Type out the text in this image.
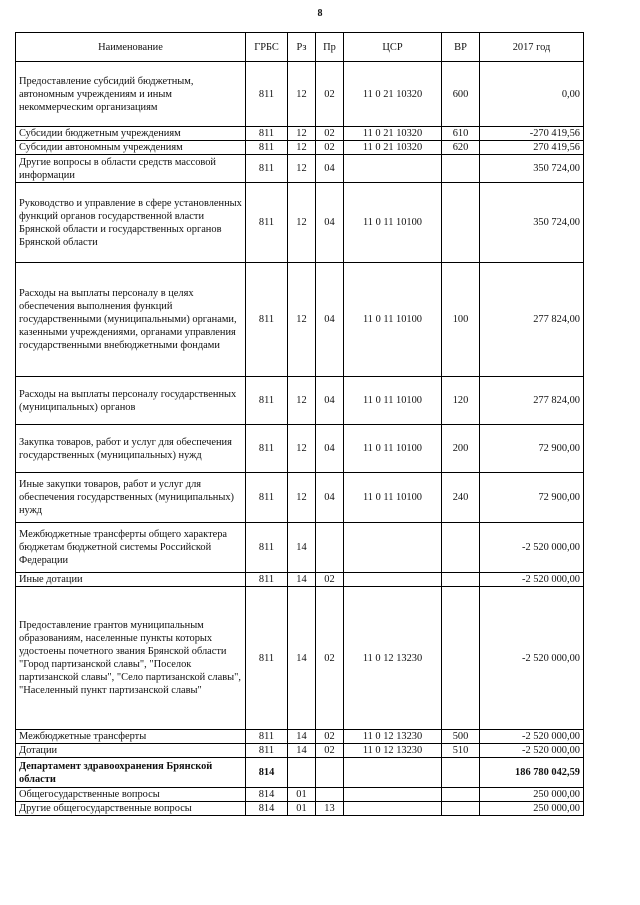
8
Наименование	ГРБС	Рз	Пр	ЦСР	ВР	2017 год
Предоставление субсидий бюджетным, автономным учреждениям и иным некоммерческим организациям	811	12	02	11 0 21 10320	600	0,00
Субсидии бюджетным учреждениям	811	12	02	11 0 21 10320	610	-270 419,56
Субсидии автономным учреждениям	811	12	02	11 0 21 10320	620	270 419,56
Другие вопросы в области средств массовой информации	811	12	04			350 724,00
Руководство и управление в сфере установленных функций органов государственной власти Брянской области и государственных органов Брянской области	811	12	04	11 0 11 10100		350 724,00
Расходы на выплаты персоналу в целях обеспечения выполнения функций государственными (муниципальными) органами, казенными учреждениями, органами управления государственными внебюджетными фондами	811	12	04	11 0 11 10100	100	277 824,00
Расходы на выплаты персоналу государственных (муниципальных) органов	811	12	04	11 0 11 10100	120	277 824,00
Закупка товаров, работ и услуг для обеспечения государственных (муниципальных) нужд	811	12	04	11 0 11 10100	200	72 900,00
Иные закупки товаров, работ и услуг для обеспечения государственных (муниципальных) нужд	811	12	04	11 0 11 10100	240	72 900,00
Межбюджетные трансферты общего характера бюджетам бюджетной системы Российской Федерации	811	14				-2 520 000,00
Иные дотации	811	14	02			-2 520 000,00
Предоставление грантов муниципальным образованиям, населенные пункты которых удостоены почетного звания Брянской области "Город партизанской славы", "Поселок партизанской славы", "Село партизанской славы", "Населенный пункт партизанской славы"	811	14	02	11 0 12 13230		-2 520 000,00
Межбюджетные трансферты	811	14	02	11 0 12 13230	500	-2 520 000,00
Дотации	811	14	02	11 0 12 13230	510	-2 520 000,00
Департамент здравоохранения Брянской области	814					186 780 042,59
Общегосударственные вопросы	814	01				250 000,00
Другие общегосударственные вопросы	814	01	13			250 000,00
